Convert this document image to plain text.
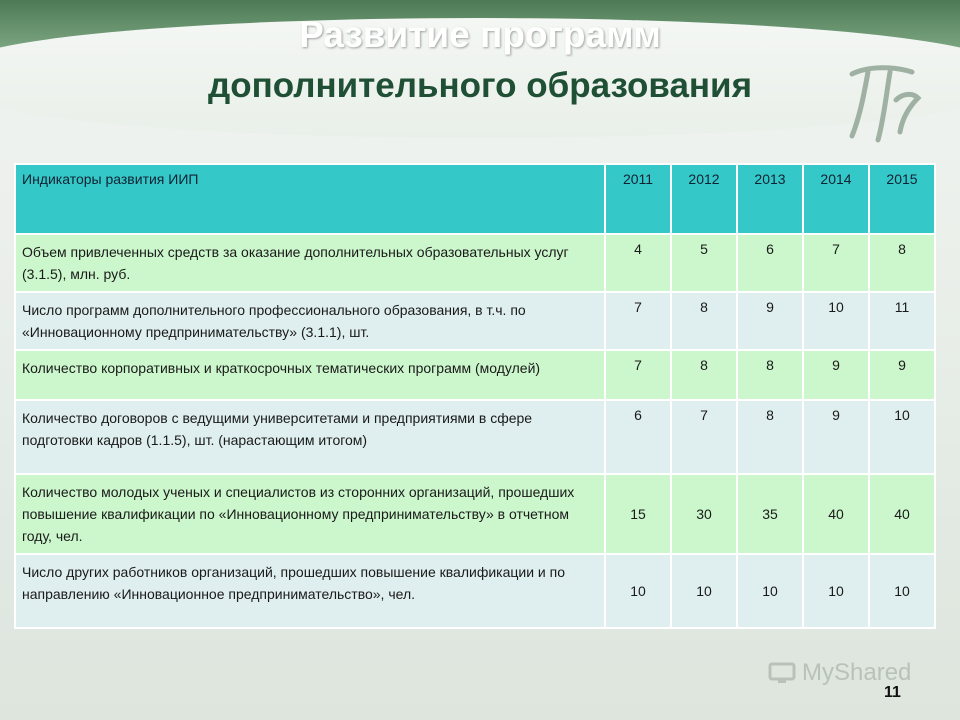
Развитие программ
дополнительного образования
Индикаторы развития ИИП	2011	2012	2013	2014	2015
Объем привлеченных средств за оказание дополнительных образовательных услуг (3.1.5), млн. руб.	4	5	6	7	8
Число программ дополнительного профессионального образования, в т.ч. по «Инновационному предпринимательству» (3.1.1), шт.	7	8	9	10	11
Количество корпоративных и краткосрочных тематических программ (модулей)	7	8	8	9	9
Количество договоров с ведущими университетами и предприятиями в сфере подготовки кадров (1.1.5), шт. (нарастающим итогом)	6	7	8	9	10
Количество молодых ученых и специалистов из сторонних организаций, прошедших повышение квалификации по «Инновационному предпринимательству» в отчетном году, чел.	15	30	35	40	40
Число других работников организаций, прошедших повышение квалификации и по направлению «Инновационное предпринимательство», чел.	10	10	10	10	10
MyShared
11
